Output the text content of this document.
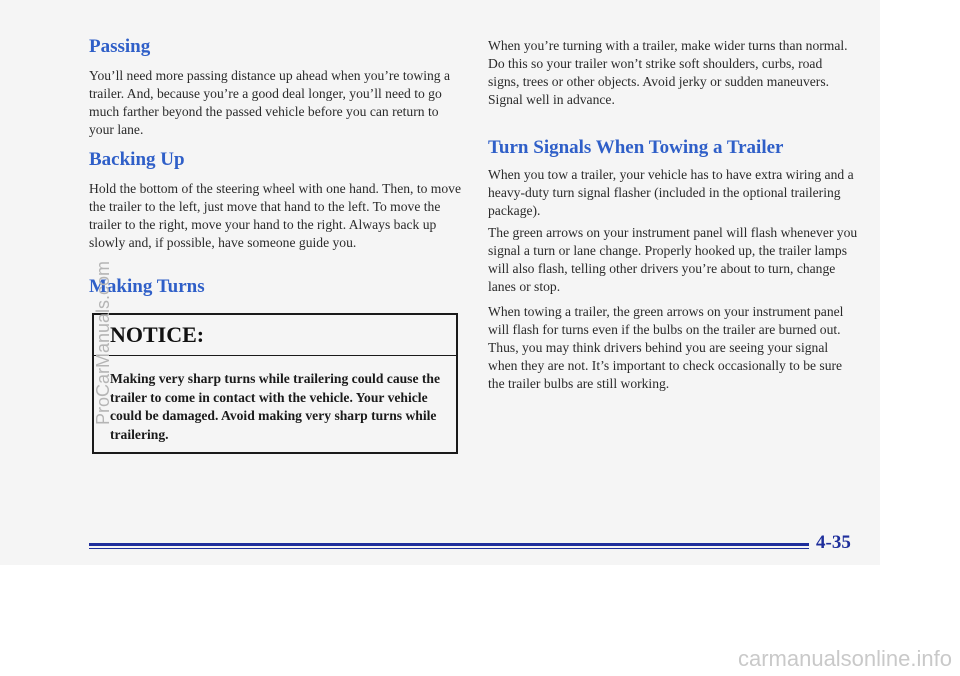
Passing

You’ll need more passing distance up ahead when you’re towing a trailer. And, because you’re a good deal longer, you’ll need to go much farther beyond the passed vehicle before you can return to your lane.

Backing Up

Hold the bottom of the steering wheel with one hand. Then, to move the trailer to the left, just move that hand to the left. To move the trailer to the right, move your hand to the right. Always back up slowly and, if possible, have someone guide you.

Making Turns
NOTICE:
Making very sharp turns while trailering could cause the trailer to come in contact with the vehicle. Your vehicle could be damaged. Avoid making very sharp turns while trailering.

When you’re turning with a trailer, make wider turns than normal. Do this so your trailer won’t strike soft shoulders, curbs, road signs, trees or other objects. Avoid jerky or sudden maneuvers. Signal well in advance.

Turn Signals When Towing a Trailer

When you tow a trailer, your vehicle has to have extra wiring and a heavy-duty turn signal flasher (included in the optional trailering package).

The green arrows on your instrument panel will flash whenever you signal a turn or lane change. Properly hooked up, the trailer lamps will also flash, telling other drivers you’re about to turn, change lanes or stop.

When towing a trailer, the green arrows on your instrument panel will flash for turns even if the bulbs on the trailer are burned out. Thus, you may think drivers behind you are seeing your signal when they are not. It’s important to check occasionally to be sure the trailer bulbs are still working.

4-35
ProCarManuals.com
carmanualsonline.info
